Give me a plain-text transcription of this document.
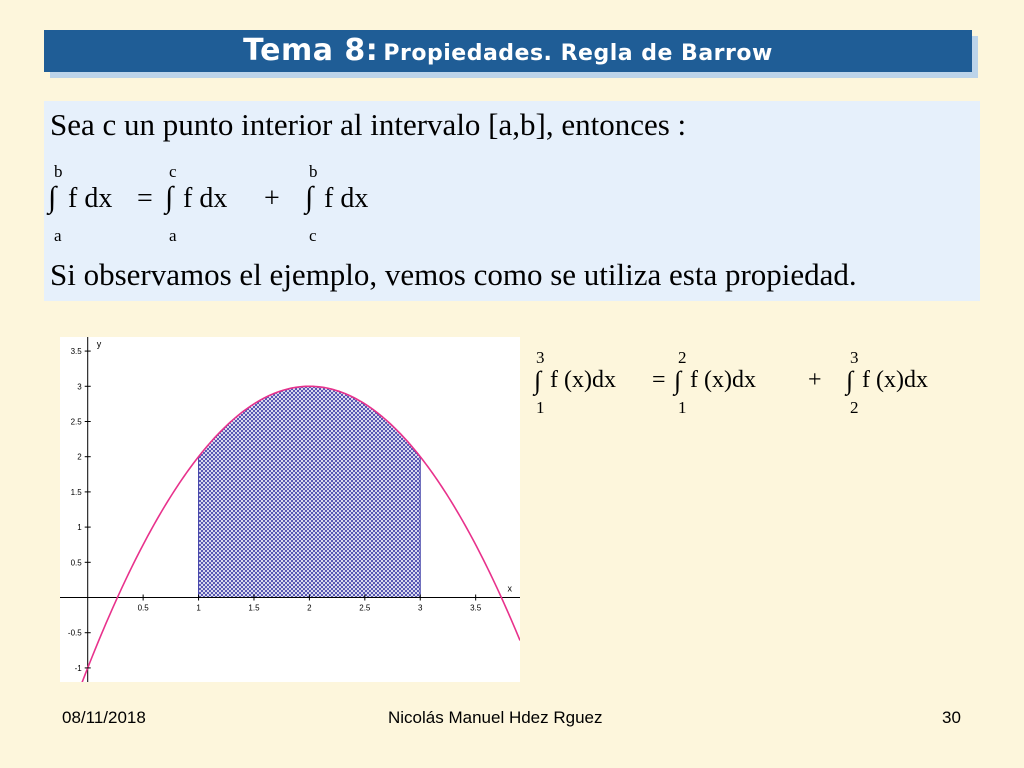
Tema 8: Propiedades. Regla de Barrow
Sea c un punto interior al intervalo [a,b], entonces :
b
∫ f dx
a
=
c
∫ f dx
a
+
b
∫ f dx
c
Si observamos el ejemplo, vemos como se utiliza esta propiedad.
0.5	1	1.5	2	2.5	3	3.5
3.5
3
2.5
2
1.5
1
0.5
-0.5
-1
x
y
3
∫ f (x)dx
1
=
2
∫ f (x)dx
1
+
3
∫ f (x)dx
2
08/11/2018	Nicolás Manuel Hdez Rguez	30
